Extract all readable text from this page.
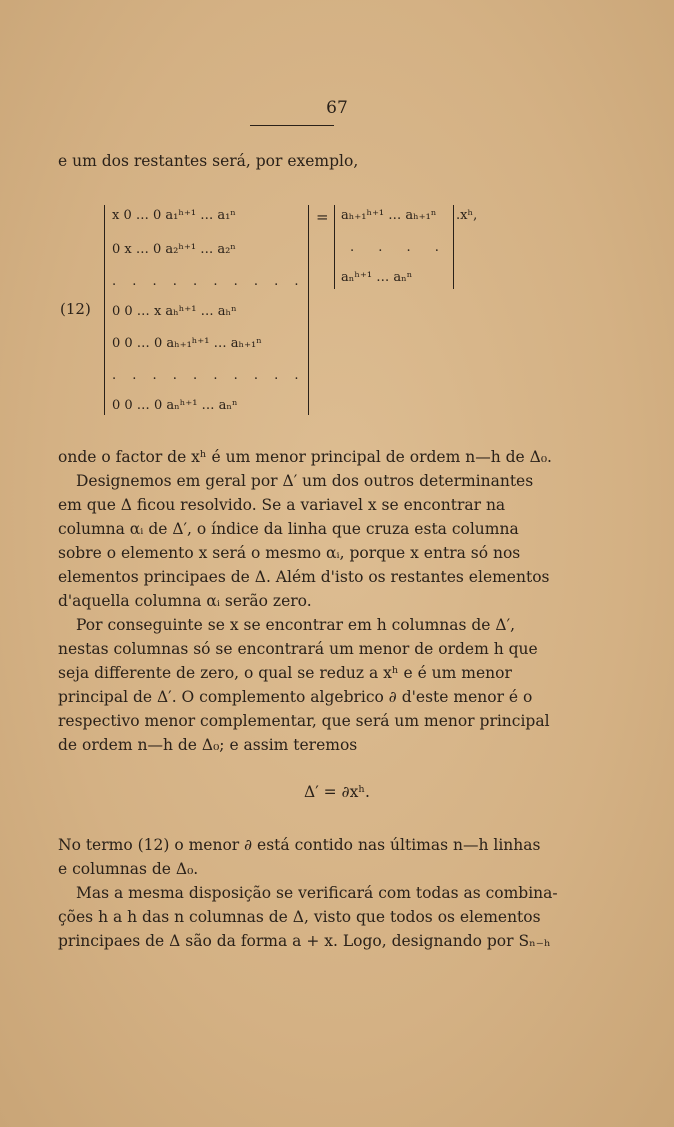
67
e um dos restantes será, por exemplo,
(12)
x 0 … 0 a₁ʰ⁺¹ … a₁ⁿ
0 x … 0 a₂ʰ⁺¹ … a₂ⁿ
. . . . . . . . . .
0 0 … x aₕʰ⁺¹ … aₕⁿ
0 0 … 0 aₕ₊₁ʰ⁺¹ … aₕ₊₁ⁿ
. . . . . . . . . .
0 0 … 0 aₙʰ⁺¹ … aₙⁿ
= aₕ₊₁ʰ⁺¹ … aₕ₊₁ⁿ
. . . .
aₙʰ⁺¹ … aₙⁿ
.xʰ,
onde o factor de xʰ é um menor principal de ordem n—h de Δ₀.
Designemos em geral por Δ′ um dos outros determinantes
em que Δ ficou resolvido. Se a variavel x se encontrar na
columna αᵢ de Δ′, o índice da linha que cruza esta columna
sobre o elemento x será o mesmo αᵢ, porque x entra só nos
elementos principaes de Δ. Além d'isto os restantes elementos
d'aquella columna αᵢ serão zero.
Por conseguinte se x se encontrar em h columnas de Δ′,
nestas columnas só se encontrará um menor de ordem h que
seja differente de zero, o qual se reduz a xʰ e é um menor
principal de Δ′. O complemento algebrico ∂ d'este menor é o
respectivo menor complementar, que será um menor principal
de ordem n—h de Δ₀; e assim teremos
Δ′ = ∂xʰ.
No termo (12) o menor ∂ está contido nas últimas n—h linhas
e columnas de Δ₀.
Mas a mesma disposição se verificará com todas as combina-
ções h a h das n columnas de Δ, visto que todos os elementos
principaes de Δ são da forma a + x. Logo, designando por Sₙ₋ₕ
